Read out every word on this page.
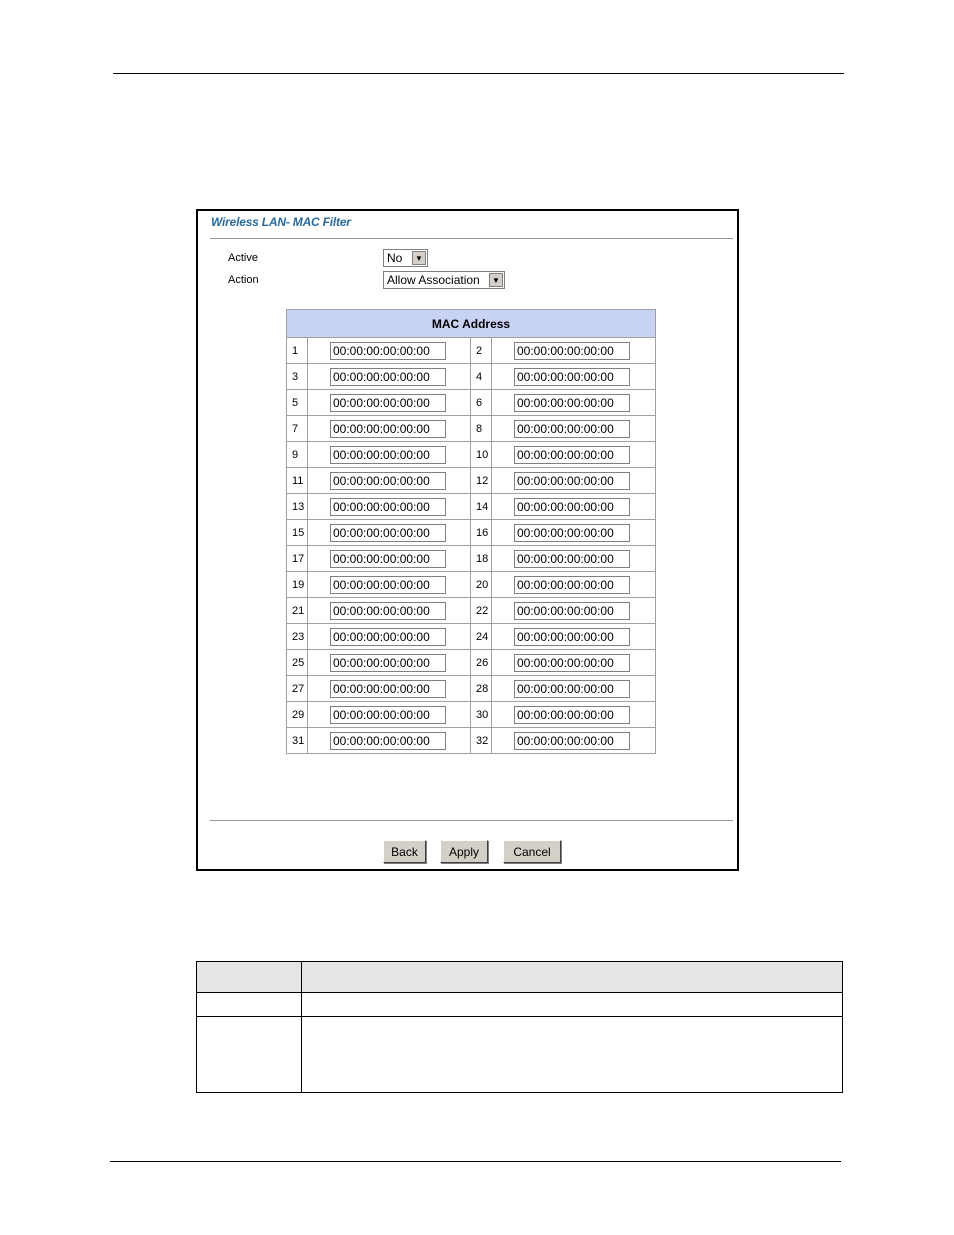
Wireless LAN- MAC Filter
Active	No	▼
Action	Allow Association	▼
MAC Address			
1	00:00:00:00:00:00	2	00:00:00:00:00:00
3	00:00:00:00:00:00	4	00:00:00:00:00:00
5	00:00:00:00:00:00	6	00:00:00:00:00:00
7	00:00:00:00:00:00	8	00:00:00:00:00:00
9	00:00:00:00:00:00	10	00:00:00:00:00:00
11	00:00:00:00:00:00	12	00:00:00:00:00:00
13	00:00:00:00:00:00	14	00:00:00:00:00:00
15	00:00:00:00:00:00	16	00:00:00:00:00:00
17	00:00:00:00:00:00	18	00:00:00:00:00:00
19	00:00:00:00:00:00	20	00:00:00:00:00:00
21	00:00:00:00:00:00	22	00:00:00:00:00:00
23	00:00:00:00:00:00	24	00:00:00:00:00:00
25	00:00:00:00:00:00	26	00:00:00:00:00:00
27	00:00:00:00:00:00	28	00:00:00:00:00:00
29	00:00:00:00:00:00	30	00:00:00:00:00:00
31	00:00:00:00:00:00	32	00:00:00:00:00:00
Back	Apply	Cancel
